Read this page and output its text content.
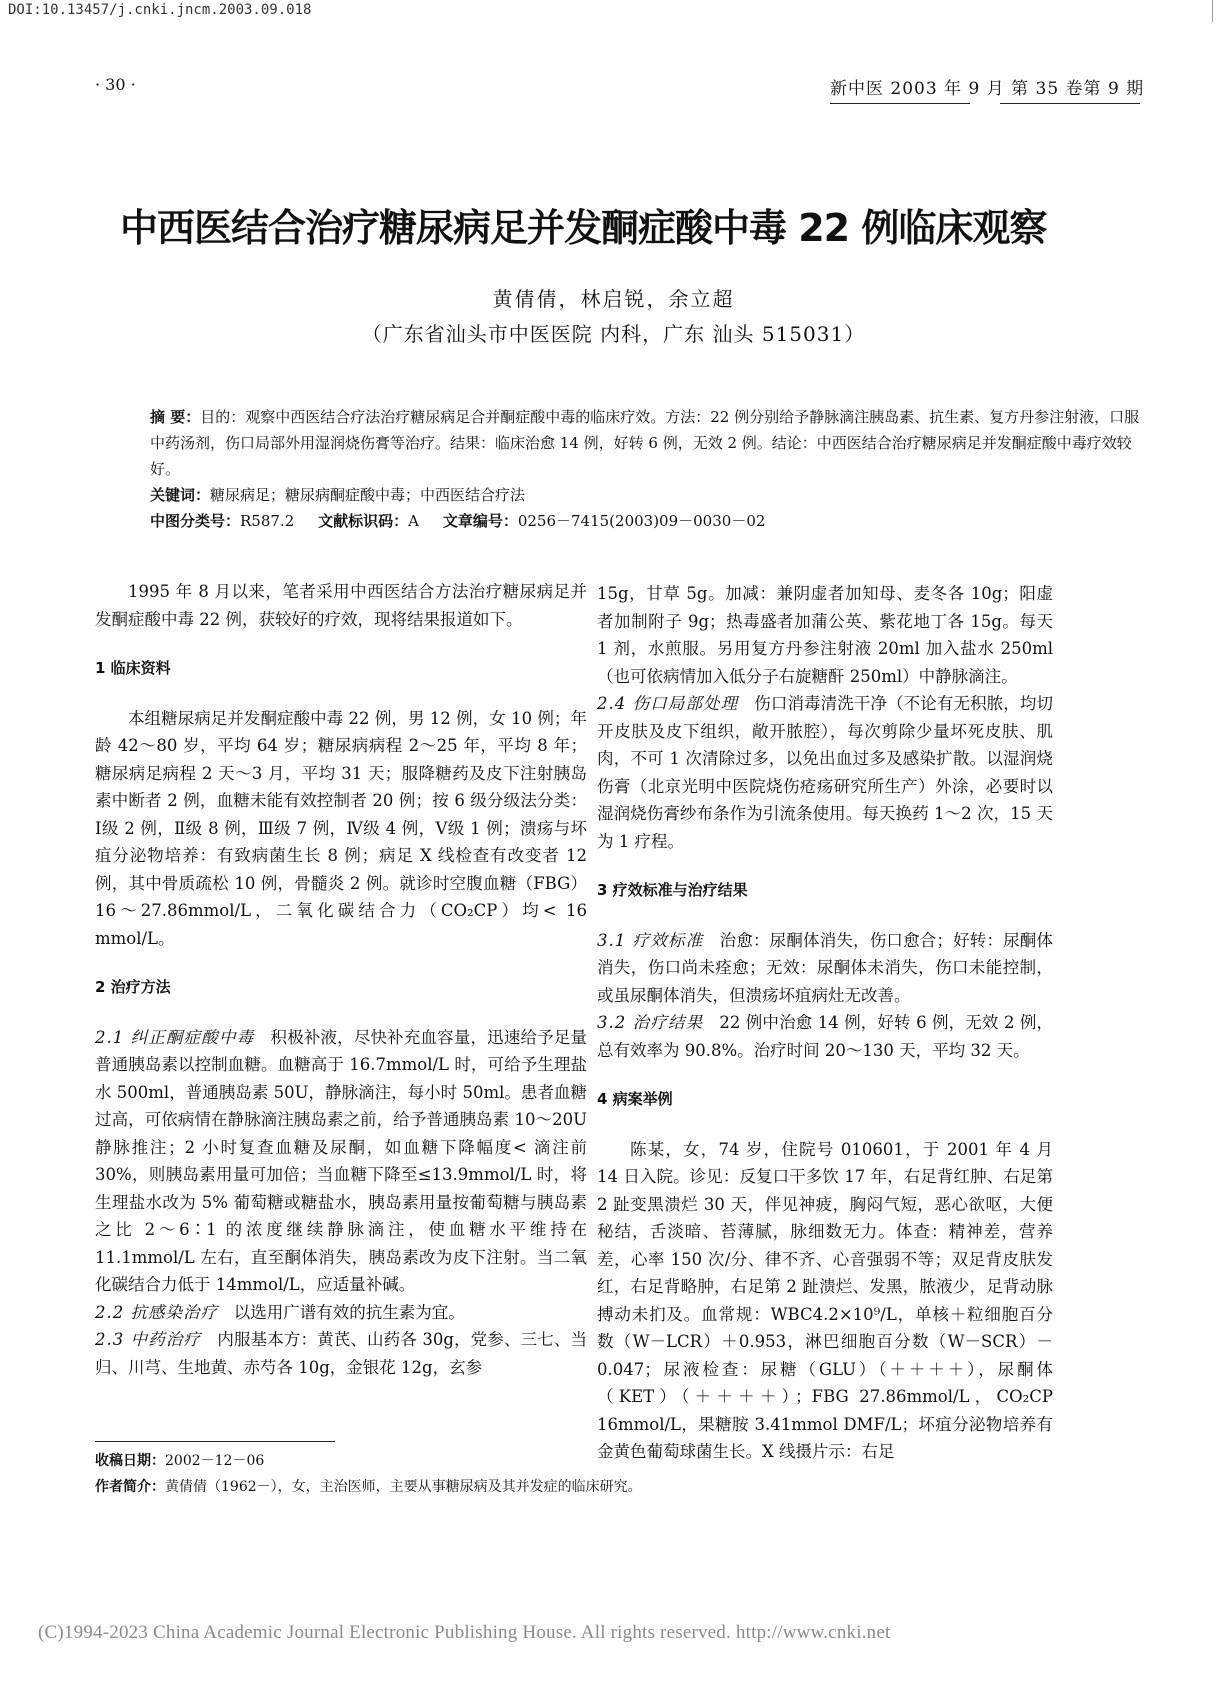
DOI:10.13457/j.cnki.jncm.2003.09.018
· 30 ·	新中医 2003 年 9 月 第 35 卷第 9 期
中西医结合治疗糖尿病足并发酮症酸中毒 22 例临床观察
黄倩倩，林启锐，余立超
（广东省汕头市中医医院 内科，广东 汕头 515031）
摘 要：目的：观察中西医结合疗法治疗糖尿病足合并酮症酸中毒的临床疗效。方法：22 例分别给予静脉滴注胰岛素、抗生素、复方丹参注射液，口服中药汤剂，伤口局部外用湿润烧伤膏等治疗。结果：临床治愈 14 例，好转 6 例，无效 2 例。结论：中西医结合治疗糖尿病足并发酮症酸中毒疗效较好。
关键词：糖尿病足；糖尿病酮症酸中毒；中西医结合疗法
中图分类号：R587.2 文献标识码：A 文章编号：0256－7415(2003)09－0030－02

1995 年 8 月以来，笔者采用中西医结合方法治疗糖尿病足并发酮症酸中毒 22 例，获较好的疗效，现将结果报道如下。

1 临床资料

本组糖尿病足并发酮症酸中毒 22 例，男 12 例，女 10 例；年龄 42～80 岁，平均 64 岁；糖尿病病程 2～25 年，平均 8 年；糖尿病足病程 2 天～3 月，平均 31 天；服降糖药及皮下注射胰岛素中断者 2 例，血糖未能有效控制者 20 例；按 6 级分级法分类：Ⅰ级 2 例，Ⅱ级 8 例，Ⅲ级 7 例，Ⅳ级 4 例，Ⅴ级 1 例；溃疡与坏疽分泌物培养：有致病菌生长 8 例；病足 X 线检查有改变者 12 例，其中骨质疏松 10 例，骨髓炎 2 例。就诊时空腹血糖（FBG）16～27.86mmol/L，二氧化碳结合力（CO₂CP）均< 16 mmol/L。

2 治疗方法

2.1 纠正酮症酸中毒 积极补液，尽快补充血容量，迅速给予足量普通胰岛素以控制血糖。血糖高于 16.7mmol/L 时，可给予生理盐水 500ml，普通胰岛素 50U，静脉滴注，每小时 50ml。患者血糖过高，可依病情在静脉滴注胰岛素之前，给予普通胰岛素 10～20U 静脉推注；2 小时复查血糖及尿酮，如血糖下降幅度< 滴注前 30%，则胰岛素用量可加倍；当血糖下降至≤13.9mmol/L 时，将生理盐水改为 5% 葡萄糖或糖盐水，胰岛素用量按葡萄糖与胰岛素之比 2～6∶1 的浓度继续静脉滴注，使血糖水平维持在 11.1mmol/L 左右，直至酮体消失，胰岛素改为皮下注射。当二氧化碳结合力低于 14mmol/L，应适量补碱。

2.2 抗感染治疗 以选用广谱有效的抗生素为宜。

2.3 中药治疗 内服基本方：黄芪、山药各 30g，党参、三七、当归、川芎、生地黄、赤芍各 10g，金银花 12g，玄参

15g，甘草 5g。加减：兼阴虚者加知母、麦冬各 10g；阳虚者加制附子 9g；热毒盛者加蒲公英、紫花地丁各 15g。每天 1 剂，水煎服。另用复方丹参注射液 20ml 加入盐水 250ml（也可依病情加入低分子右旋糖酐 250ml）中静脉滴注。

2.4 伤口局部处理 伤口消毒清洗干净（不论有无积脓，均切开皮肤及皮下组织，敞开脓腔），每次剪除少量坏死皮肤、肌肉，不可 1 次清除过多，以免出血过多及感染扩散。以湿润烧伤膏（北京光明中医院烧伤疮疡研究所生产）外涂，必要时以湿润烧伤膏纱布条作为引流条使用。每天换药 1～2 次，15 天为 1 疗程。

3 疗效标准与治疗结果

3.1 疗效标准 治愈：尿酮体消失，伤口愈合；好转：尿酮体消失，伤口尚未痊愈；无效：尿酮体未消失，伤口未能控制，或虽尿酮体消失，但溃疡坏疽病灶无改善。

3.2 治疗结果 22 例中治愈 14 例，好转 6 例，无效 2 例，总有效率为 90.8%。治疗时间 20～130 天，平均 32 天。

4 病案举例

陈某，女，74 岁，住院号 010601，于 2001 年 4 月 14 日入院。诊见：反复口干多饮 17 年，右足背红肿、右足第 2 趾变黑溃烂 30 天，伴见神疲，胸闷气短，恶心欲呕，大便秘结，舌淡暗、苔薄腻，脉细数无力。体查：精神差，营养差，心率 150 次/分、律不齐、心音强弱不等；双足背皮肤发红，右足背略肿，右足第 2 趾溃烂、发黑，脓液少，足背动脉搏动未扪及。血常规：WBC4.2×10⁹/L，单核＋粒细胞百分数（W－LCR）＋0.953，淋巴细胞百分数（W－SCR）－0.047；尿液检查：尿糖（GLU）（＋＋＋＋），尿酮体（KET）（＋＋＋＋）；FBG 27.86mmol/L，CO₂CP 16mmol/L，果糖胺 3.41mmol DMF/L；坏疽分泌物培养有金黄色葡萄球菌生长。X 线摄片示：右足

收稿日期：2002－12－06
作者简介：黄倩倩（1962－），女，主治医师，主要从事糖尿病及其并发症的临床研究。
(C)1994-2023 China Academic Journal Electronic Publishing House. All rights reserved. http://www.cnki.net
